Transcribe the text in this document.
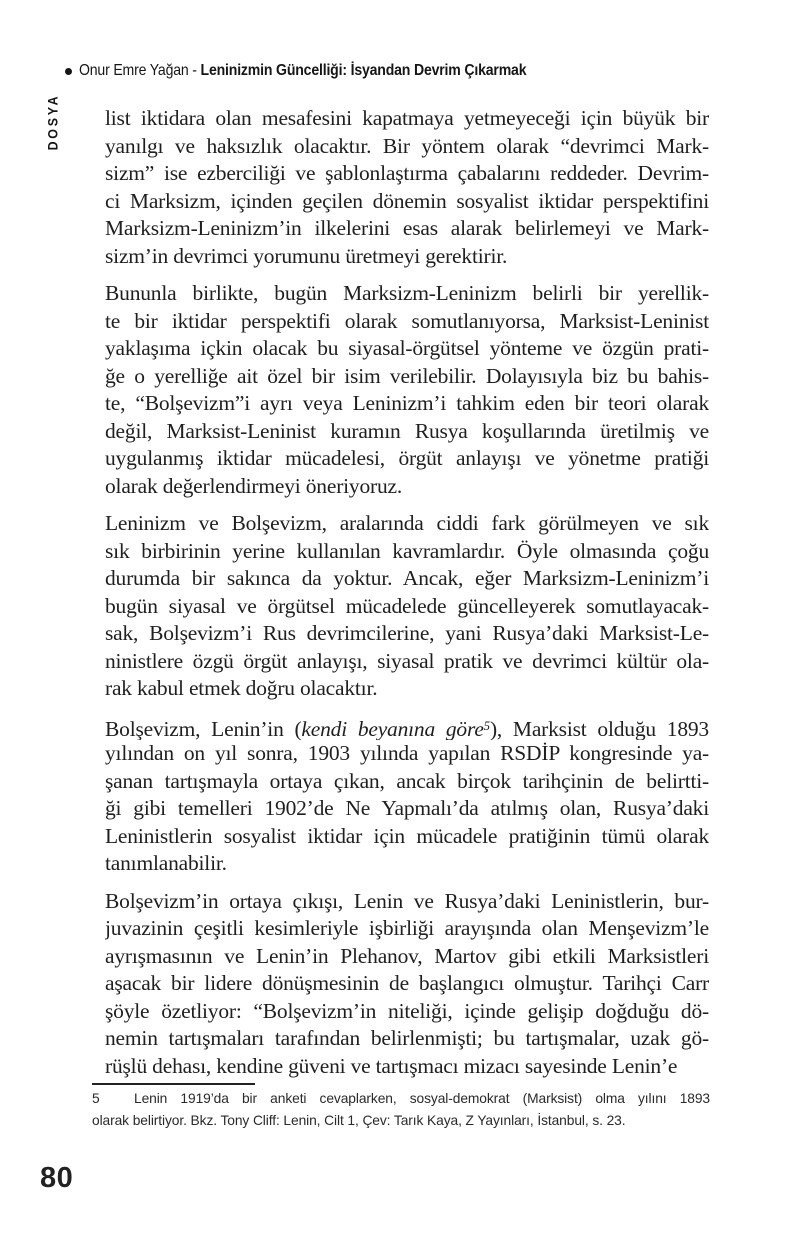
Onur Emre Yağan - Leninizmin Güncelliği: İsyandan Devrim Çıkarmak
DOSYA list iktidara olan mesafesini kapatmaya yetmeyeceği için büyük bir
yanılgı ve haksızlık olacaktır. Bir yöntem olarak “devrimci Mark-
sizm” ise ezberciliği ve şablonlaştırma çabalarını reddeder. Devrim-
ci Marksizm, içinden geçilen dönemin sosyalist iktidar perspektifini
Marksizm-Leninizm’in ilkelerini esas alarak belirlemeyi ve Mark-
sizm’in devrimci yorumunu üretmeyi gerektirir.
Bununla birlikte, bugün Marksizm-Leninizm belirli bir yerellik-
te bir iktidar perspektifi olarak somutlanıyorsa, Marksist-Leninist
yaklaşıma içkin olacak bu siyasal-örgütsel yönteme ve özgün prati-
ğe o yerelliğe ait özel bir isim verilebilir. Dolayısıyla biz bu bahis-
te, “Bolşevizm”i ayrı veya Leninizm’i tahkim eden bir teori olarak
değil, Marksist-Leninist kuramın Rusya koşullarında üretilmiş ve
uygulanmış iktidar mücadelesi, örgüt anlayışı ve yönetme pratiği
olarak değerlendirmeyi öneriyoruz.
Leninizm ve Bolşevizm, aralarında ciddi fark görülmeyen ve sık
sık birbirinin yerine kullanılan kavramlardır. Öyle olmasında çoğu
durumda bir sakınca da yoktur. Ancak, eğer Marksizm-Leninizm’i
bugün siyasal ve örgütsel mücadelede güncelleyerek somutlayacak-
sak, Bolşevizm’i Rus devrimcilerine, yani Rusya’daki Marksist-Le-
ninistlere özgü örgüt anlayışı, siyasal pratik ve devrimci kültür ola-
rak kabul etmek doğru olacaktır.
Bolşevizm, Lenin’in (kendi beyanına göre$^5$), Marksist olduğu 1893
yılından on yıl sonra, 1903 yılında yapılan RSDİP kongresinde ya-
şanan tartışmayla ortaya çıkan, ancak birçok tarihçinin de belirtti-
ği gibi temelleri 1902’de Ne Yapmalı’da atılmış olan, Rusya’daki
Leninistlerin sosyalist iktidar için mücadele pratiğinin tümü olarak
tanımlanabilir.
Bolşevizm’in ortaya çıkışı, Lenin ve Rusya’daki Leninistlerin, bur-
juvazinin çeşitli kesimleriyle işbirliği arayışında olan Menşevizm’le
ayrışmasının ve Lenin’in Plehanov, Martov gibi etkili Marksistleri
aşacak bir lidere dönüşmesinin de başlangıcı olmuştur. Tarihçi Carr
şöyle özetliyor: “Bolşevizm’in niteliği, içinde gelişip doğduğu dö-
nemin tartışmaları tarafından belirlenmişti; bu tartışmalar, uzak gö-
rüşlü dehası, kendine güveni ve tartışmacı mizacı sayesinde Lenin’e
5 Lenin 1919’da bir anketi cevaplarken, sosyal-demokrat (Marksist) olma yılını 1893
olarak belirtiyor. Bkz. Tony Cliff: Lenin, Cilt 1, Çev: Tarık Kaya, Z Yayınları, İstanbul, s. 23.
80
